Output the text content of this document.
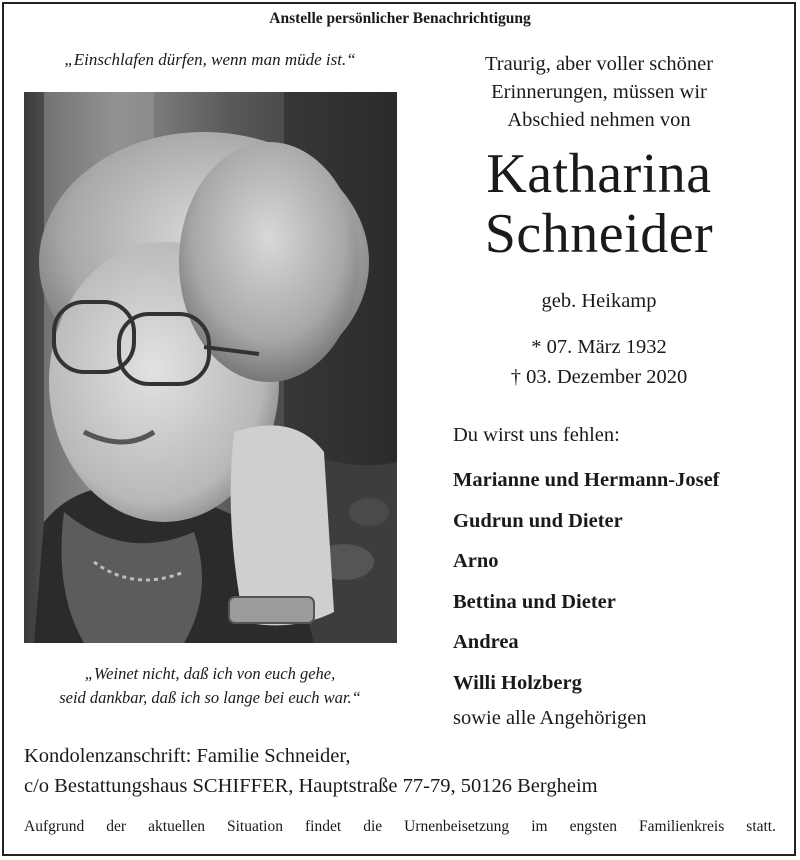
Anstelle persönlicher Benachrichtigung
„Einschlafen dürfen, wenn man müde ist.“
„Weinet nicht, daß ich von euch gehe,
seid dankbar, daß ich so lange bei euch war.“
Traurig, aber voller schöner
Erinnerungen, müssen wir
Abschied nehmen von
Katharina
Schneider
geb. Heikamp
* 07. März 1932
† 03. Dezember 2020
Du wirst uns fehlen:
Marianne und Hermann-Josef
Gudrun und Dieter
Arno
Bettina und Dieter
Andrea
Willi Holzberg
sowie alle Angehörigen
Kondolenzanschrift: Familie Schneider,
c/o Bestattungshaus SCHIFFER, Hauptstraße 77-79, 50126 Bergheim
Aufgrund der aktuellen Situation findet die Urnenbeisetzung im engsten Familienkreis statt.
